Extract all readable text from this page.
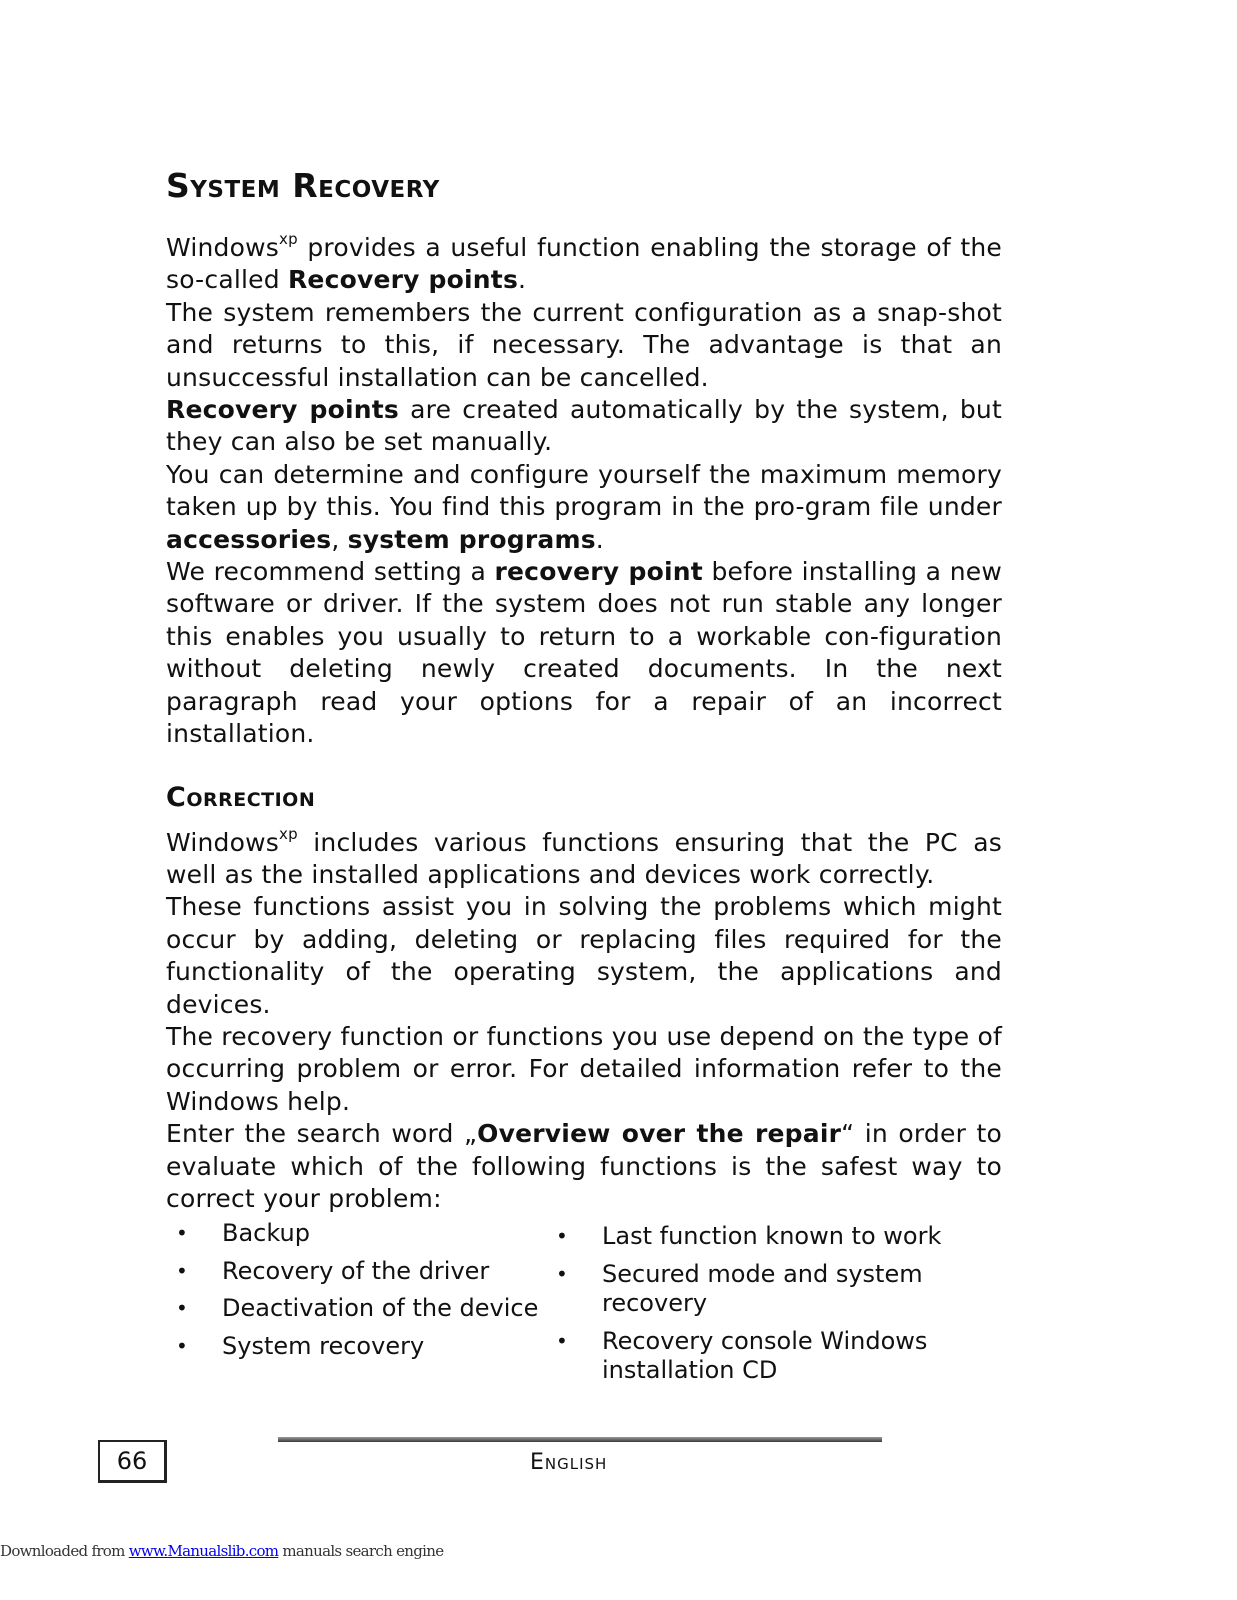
System Recovery

Windows$^{xp}$ provides a useful function enabling the storage of the so-called Recovery points.

The system remembers the current configuration as a snap-shot and returns to this, if necessary. The advantage is that an unsuccessful installation can be cancelled.

Recovery points are created automatically by the system, but they can also be set manually.

You can determine and configure yourself the maximum memory taken up by this. You find this program in the pro-gram file under accessories, system programs.

We recommend setting a recovery point before installing a new software or driver. If the system does not run stable any longer this enables you usually to return to a workable con-figuration without deleting newly created documents. In the next paragraph read your options for a repair of an incorrect installation.

Correction

Windows$^{xp}$ includes various functions ensuring that the PC as well as the installed applications and devices work correctly.

These functions assist you in solving the problems which might occur by adding, deleting or replacing files required for the functionality of the operating system, the applications and devices.

The recovery function or functions you use depend on the type of occurring problem or error. For detailed information refer to the Windows help.

Enter the search word „Overview over the repair“ in order to evaluate which of the following functions is the safest way to correct your problem:

• Backup
• Recovery of the driver
• Deactivation of the device
• System recovery
• Last function known to work
• Secured mode and system recovery
• Recovery console Windows installation CD
66	English
Downloaded from www.Manualslib.com manuals search engine
